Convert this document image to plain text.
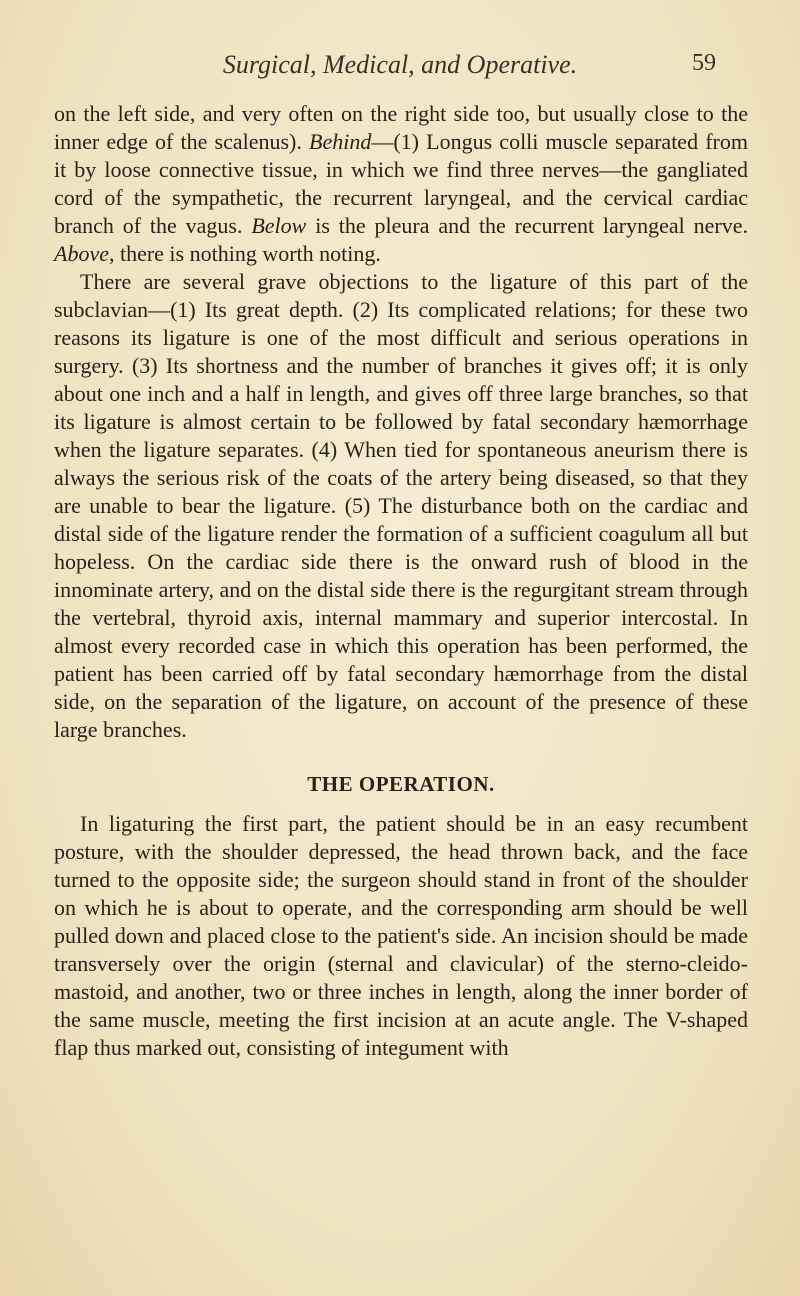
Surgical, Medical, and Operative.	59

on the left side, and very often on the right side too, but usually close to the inner edge of the scalenus). Behind—(1) Longus colli muscle separated from it by loose connective tissue, in which we find three nerves—the gangliated cord of the sympathetic, the recurrent laryngeal, and the cervical cardiac branch of the vagus. Below is the pleura and the recurrent laryngeal nerve. Above, there is nothing worth noting.

There are several grave objections to the ligature of this part of the subclavian—(1) Its great depth. (2) Its complicated relations; for these two reasons its ligature is one of the most difficult and serious operations in surgery. (3) Its shortness and the number of branches it gives off; it is only about one inch and a half in length, and gives off three large branches, so that its ligature is almost certain to be followed by fatal secondary hæmorrhage when the ligature separates. (4) When tied for spontaneous aneurism there is always the serious risk of the coats of the artery being diseased, so that they are unable to bear the ligature. (5) The disturbance both on the cardiac and distal side of the ligature render the formation of a sufficient coagulum all but hopeless. On the cardiac side there is the onward rush of blood in the innominate artery, and on the distal side there is the regurgitant stream through the vertebral, thyroid axis, internal mammary and superior intercostal. In almost every recorded case in which this operation has been performed, the patient has been carried off by fatal secondary hæmorrhage from the distal side, on the separation of the ligature, on account of the presence of these large branches.

THE OPERATION.

In ligaturing the first part, the patient should be in an easy recumbent posture, with the shoulder depressed, the head thrown back, and the face turned to the opposite side; the surgeon should stand in front of the shoulder on which he is about to operate, and the corresponding arm should be well pulled down and placed close to the patient's side. An incision should be made transversely over the origin (sternal and clavicular) of the sterno-cleido-mastoid, and another, two or three inches in length, along the inner border of the same muscle, meeting the first incision at an acute angle. The V-shaped flap thus marked out, consisting of integument with
